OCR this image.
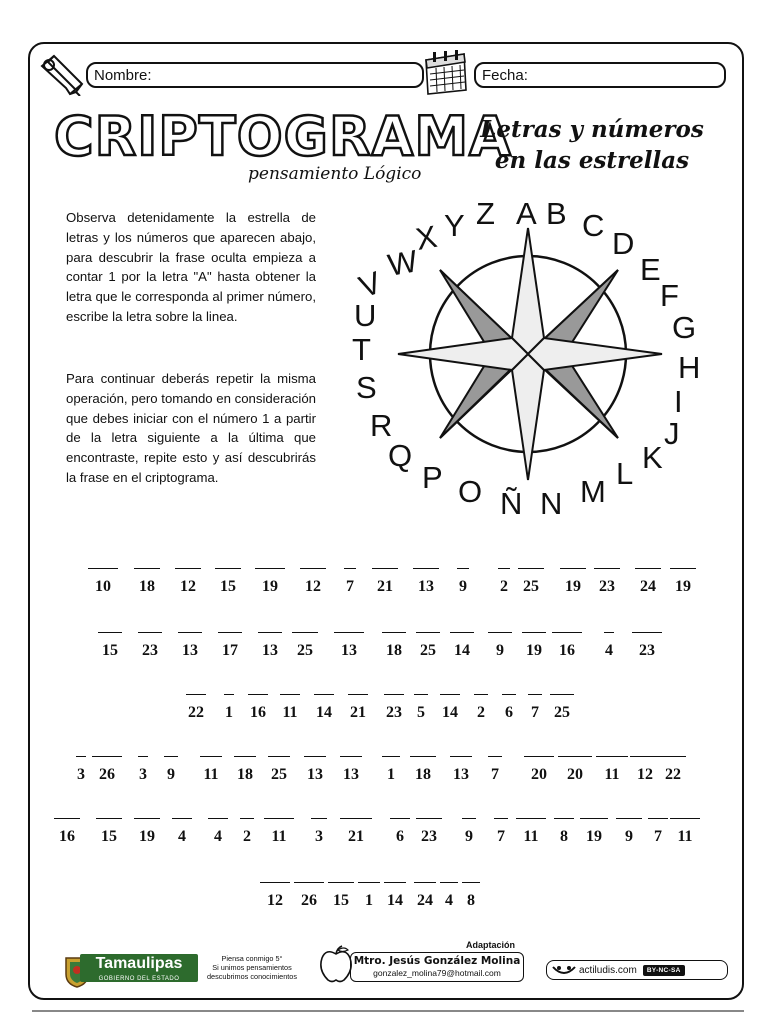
Nombre:	Fecha:
CRIPTOGRAMA
pensamiento Lógico
Letras y números
en las estrellas
Observa detenidamente la estrella de letras y los números que aparecen abajo, para descubrir la frase oculta empieza a contar 1 por la letra "A" hasta obtener la letra que le corresponda al primer número, escribe la letra sobre la linea.
Para continuar deberás repetir la misma operación, pero tomando en consideración que debes iniciar con el número 1 a partir de la letra siguiente a la última que encontraste, repite esto y así descubrirás la frase en el criptograma.
A B C
D
E
F
G
H
I
J
K
L
M
N
Ñ
O
P
Q
R
S
T
U
V
W
X Y Z
10	18	12	15	19	12	7	21	13	9	2 25	19	23	24	19
15 23 13 17 13	25	13	18 25 14	9	19	16	4	23
22	1	16 11 14 21 23 5	14	2	6	7 25
3 26	3	9	11 18 25 13 13	1	18	13	7	20	20	11	12 22
16	15	19	4	4	2	11	3	21	6	23	9	7	11	8	19	9	7 11
12	26	15	1 14 24 4 8
Tamaulipas
GOBIERNO DEL ESTADO
Piensa conmigo 5°
Si unimos pensamientos
descubrimos conocimientos
Adaptación
Mtro. Jesús González Molina
gonzalez_molina79@hotmail.com	actiludis.com	BY-NC-SA
